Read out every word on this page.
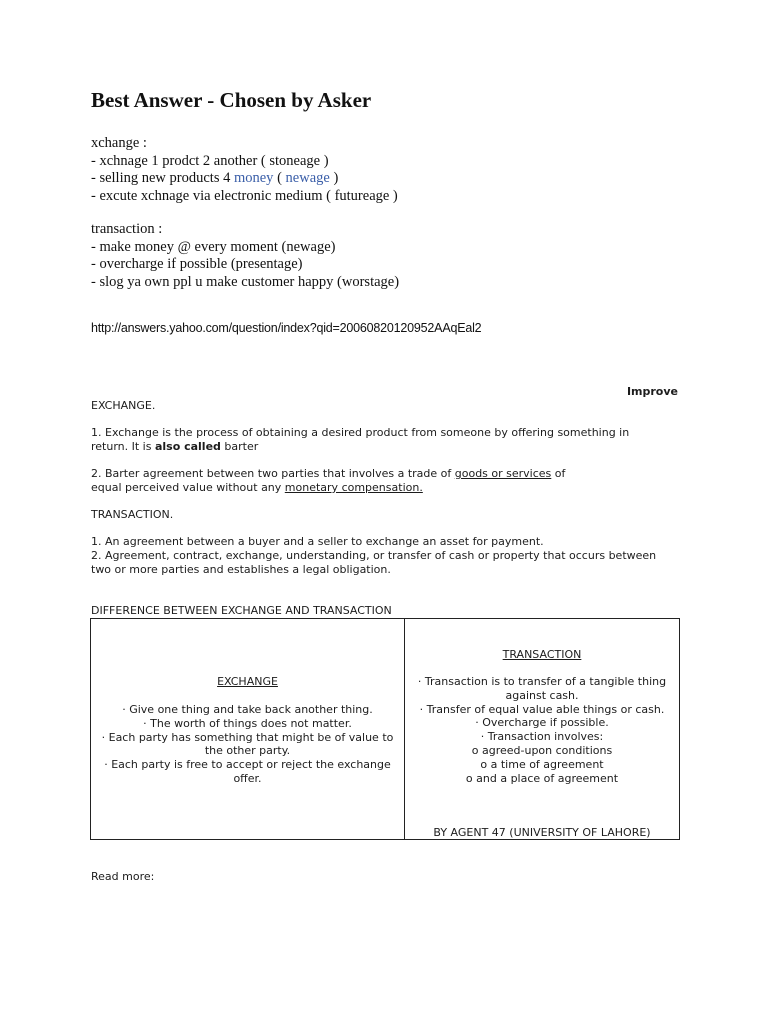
Best Answer - Chosen by Asker
xchange :
- xchnage 1 prodct 2 another ( stoneage )
- selling new products 4 money ( newage )
- excute xchnage via electronic medium ( futureage )
transaction :
- make money @ every moment (newage)
- overcharge if possible (presentage)
- slog ya own ppl u make customer happy (worstage)
http://answers.yahoo.com/question/index?qid=20060820120952AAqEal2
Improve
EXCHANGE.
1. Exchange is the process of obtaining a desired product from someone by offering something in
return. It is also called barter
2. Barter agreement between two parties that involves a trade of goods or services of
equal perceived value without any monetary compensation.
TRANSACTION.
1. An agreement between a buyer and a seller to exchange an asset for payment.
2. Agreement, contract, exchange, understanding, or transfer of cash or property that occurs between
two or more parties and establishes a legal obligation.
DIFFERENCE BETWEEN EXCHANGE AND TRANSACTION
EXCHANGE
· Give one thing and take back another thing.
· The worth of things does not matter.
· Each party has something that might be of value to
the other party.
· Each party is free to accept or reject the exchange
offer.
TRANSACTION
· Transaction is to transfer of a tangible thing
against cash.
· Transfer of equal value able things or cash.
· Overcharge if possible.
· Transaction involves:
o agreed-upon conditions
o a time of agreement
o and a place of agreement
BY AGENT 47 (UNIVERSITY OF LAHORE)
Read more:
